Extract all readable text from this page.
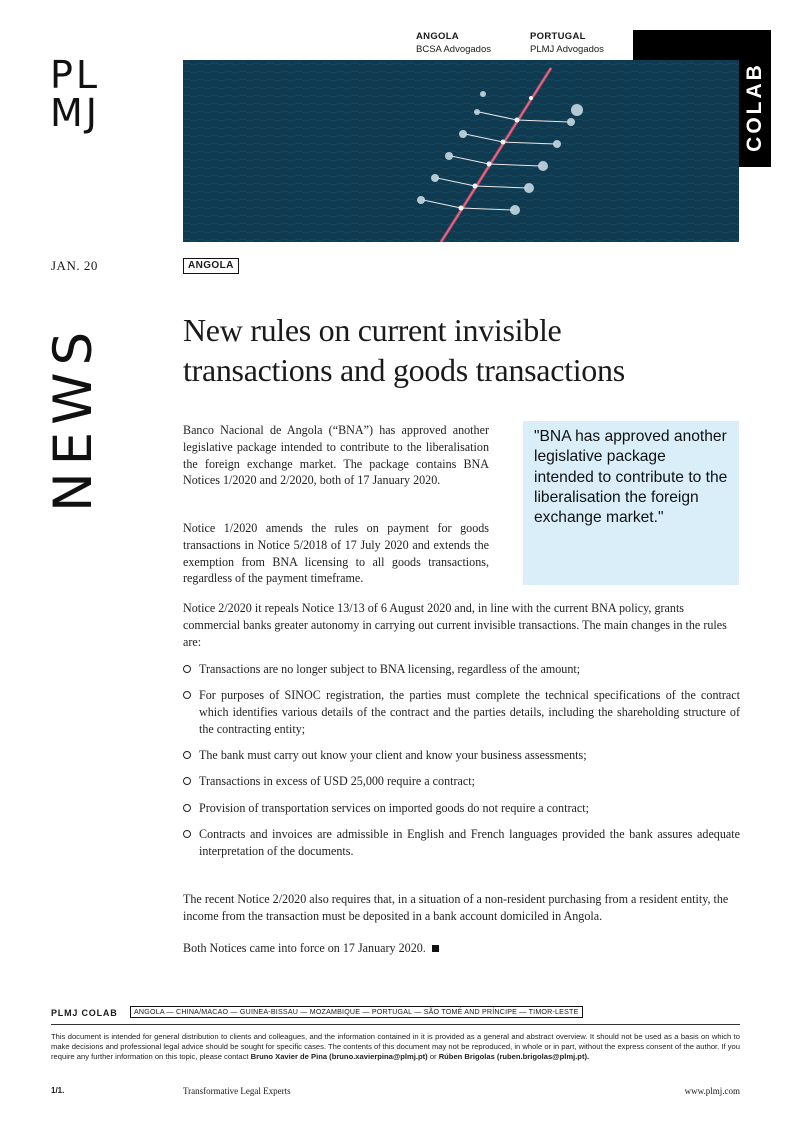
ANGOLA
BCSA Advogados
PORTUGAL
PLMJ Advogados
PL
MJ	COLAB
JAN. 20	ANGOLA
NEWS New rules on current invisible
transactions and goods transactions

Banco Nacional de Angola (“BNA”) has approved another legislative package intended to contribute to the liberalisation the foreign exchange market. The package contains BNA Notices 1/2020 and 2/2020, both of 17 January 2020.

Notice 1/2020 amends the rules on payment for goods transactions in Notice 5/2018 of 17 July 2020 and extends the exemption from BNA licensing to all goods transactions, regardless of the payment timeframe.

"BNA has approved another legislative package intended to contribute to the liberalisation the foreign exchange market."

Notice 2/2020 it repeals Notice 13/13 of 6 August 2020 and, in line with the current BNA policy, grants commercial banks greater autonomy in carrying out current invisible transactions. The main changes in the rules are:

Transactions are no longer subject to BNA licensing, regardless of the amount;
For purposes of SINOC registration, the parties must complete the technical specifications of the contract which identifies various details of the contract and the parties details, including the shareholding structure of the contracting entity;
The bank must carry out know your client and know your business assessments;
Transactions in excess of USD 25,000 require a contract;
Provision of transportation services on imported goods do not require a contract;
Contracts and invoices are admissible in English and French languages provided the bank assures adequate interpretation of the documents.

The recent Notice 2/2020 also requires that, in a situation of a non-resident purchasing from a resident entity, the income from the transaction must be deposited in a bank account domiciled in Angola.

Both Notices came into force on 17 January 2020.

PLMJ COLAB	ANGOLA — CHINA/MACAO — GUINEA-BISSAU — MOZAMBIQUE — PORTUGAL — SÃO TOMÉ AND PRÍNCIPE — TIMOR-LESTE

This document is intended for general distribution to clients and colleagues, and the information contained in it is provided as a general and abstract overview. It should not be used as a basis on which to make decisions and professional legal advice should be sought for specific cases. The contents of this document may not be reproduced, in whole or in part, without the express consent of the author. If you require any further information on this topic, please contact Bruno Xavier de Pina (bruno.xavierpina@plmj.pt) or Rúben Brigolas (ruben.brigolas@plmj.pt).

1/1.	Transformative Legal Experts	www.plmj.com
